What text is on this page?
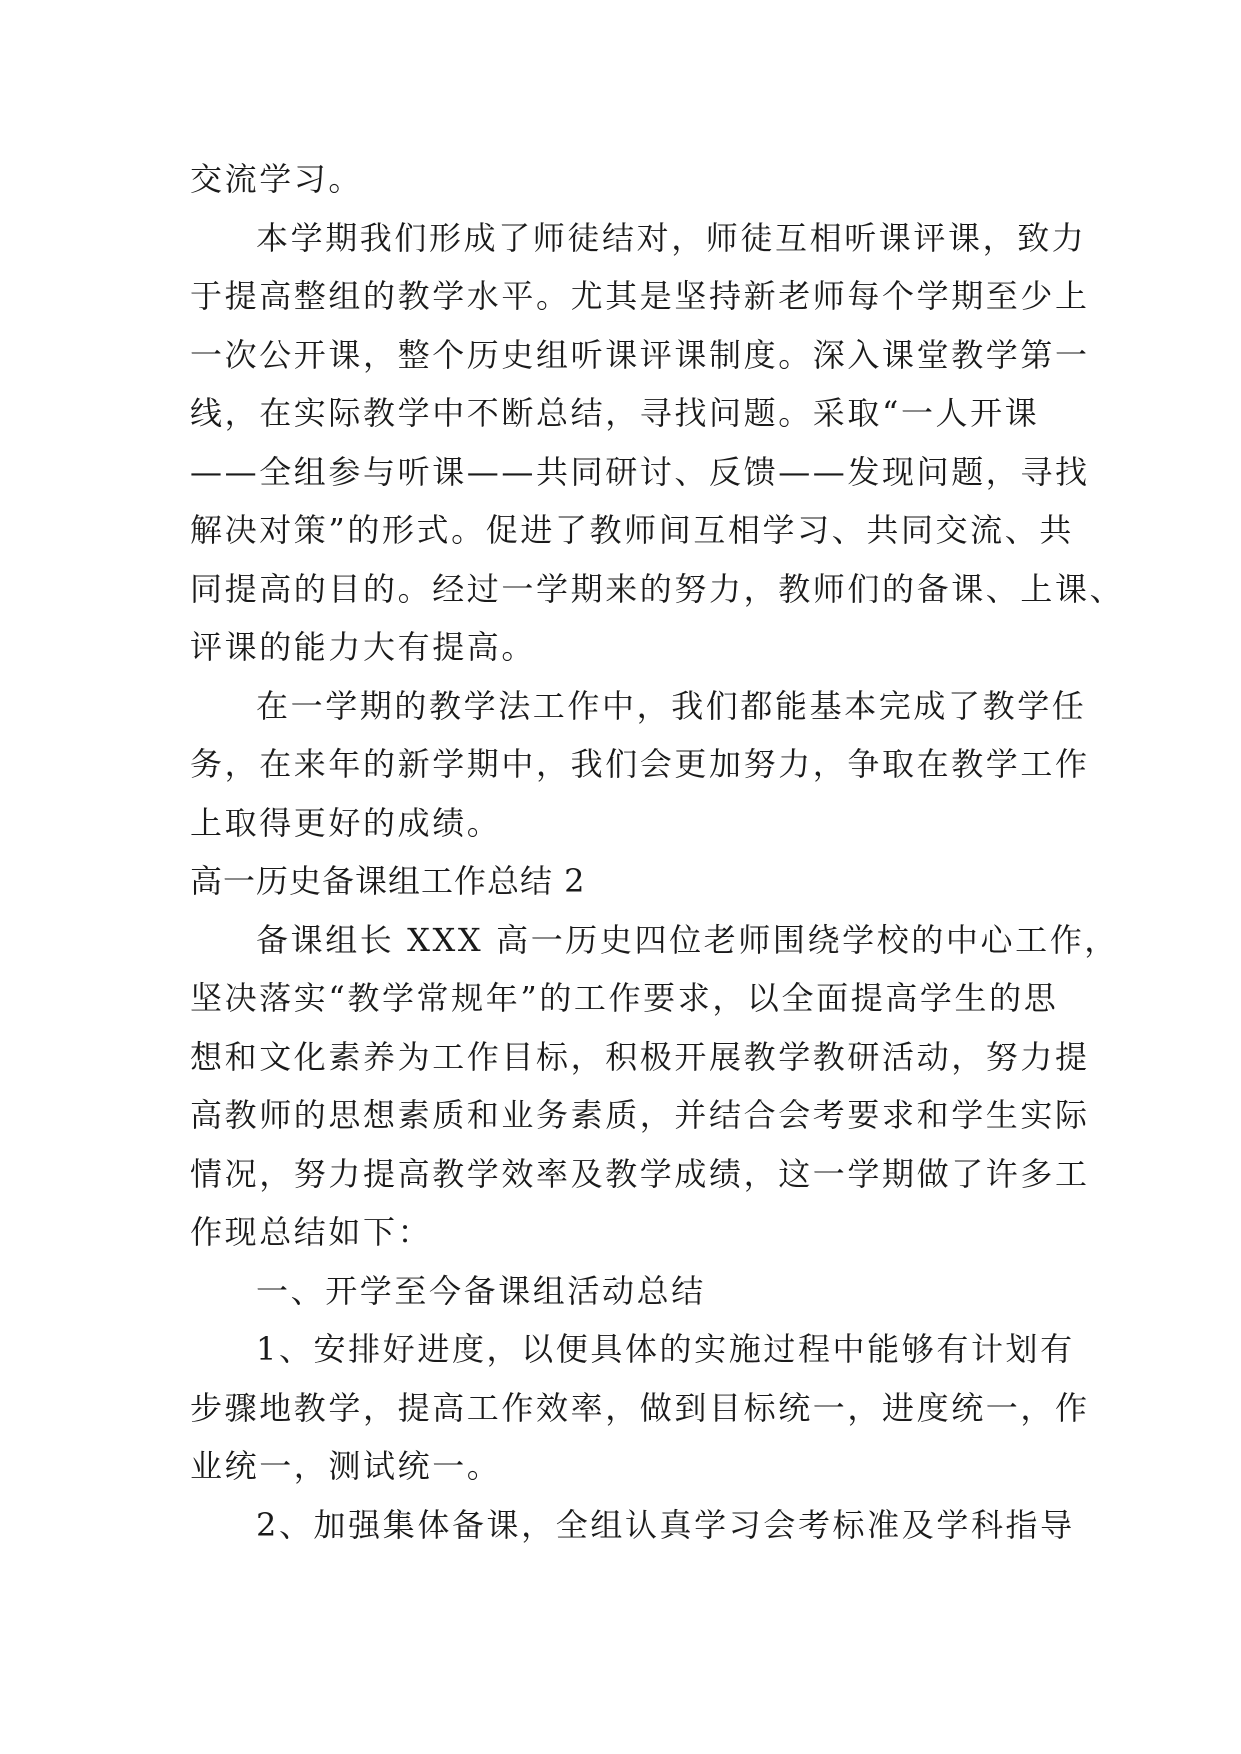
交流学习。
本学期我们形成了师徒结对，师徒互相听课评课，致力
于提高整组的教学水平。尤其是坚持新老师每个学期至少上
一次公开课，整个历史组听课评课制度。深入课堂教学第一
线，在实际教学中不断总结，寻找问题。采取“一人开课
——全组参与听课——共同研讨、反馈——发现问题，寻找
解决对策”的形式。促进了教师间互相学习、共同交流、共
同提高的目的。经过一学期来的努力，教师们的备课、上课、
评课的能力大有提高。
在一学期的教学法工作中，我们都能基本完成了教学任
务，在来年的新学期中，我们会更加努力，争取在教学工作
上取得更好的成绩。
高一历史备课组工作总结 2
备课组长 XXX 高一历史四位老师围绕学校的中心工作，
坚决落实“教学常规年”的工作要求，以全面提高学生的思
想和文化素养为工作目标，积极开展教学教研活动，努力提
高教师的思想素质和业务素质，并结合会考要求和学生实际
情况，努力提高教学效率及教学成绩，这一学期做了许多工
作现总结如下：
一、开学至今备课组活动总结
1、安排好进度，以便具体的实施过程中能够有计划有
步骤地教学，提高工作效率，做到目标统一，进度统一，作
业统一，测试统一。
2、加强集体备课，全组认真学习会考标准及学科指导
